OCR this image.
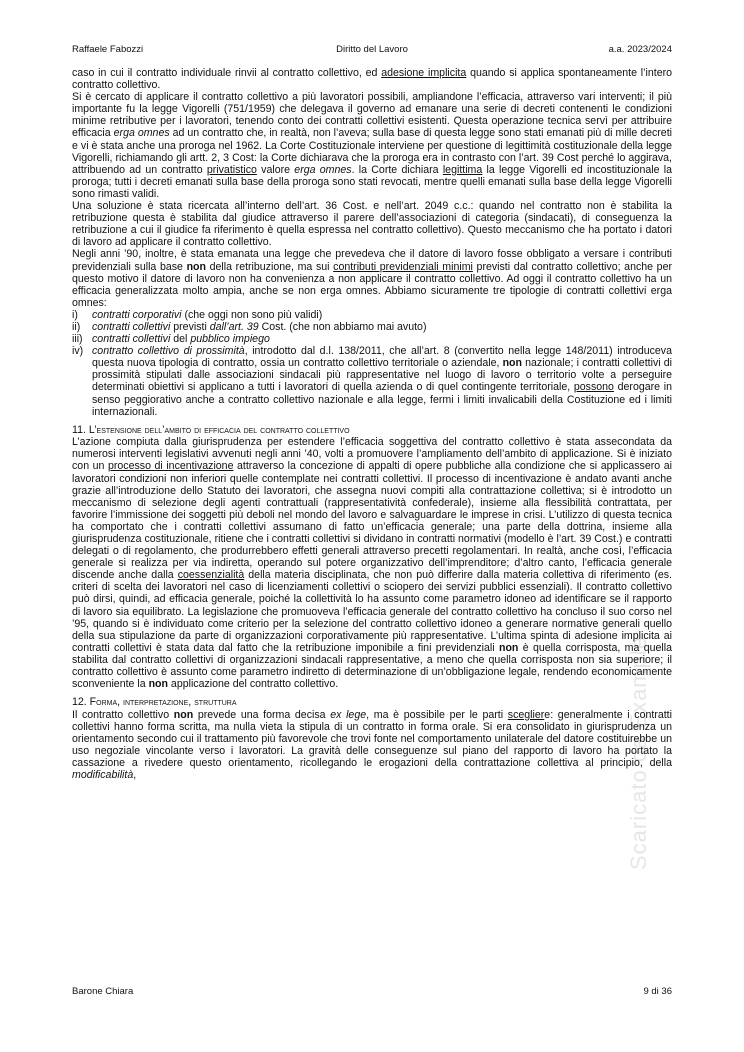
Raffaele Fabozzi	Diritto del Lavoro	a.a. 2023/2024
Scaricato da Example

caso in cui il contratto individuale rinvii al contratto collettivo, ed adesione implicita quando si applica spontaneamente l’intero contratto collettivo.

Si è cercato di applicare il contratto collettivo a più lavoratori possibili, ampliandone l’efficacia, attraverso vari interventi; il più importante fu la legge Vigorelli (751/1959) che delegava il governo ad emanare una serie di decreti contenenti le condizioni minime retributive per i lavoratori, tenendo conto dei contratti collettivi esistenti. Questa operazione tecnica servì per attribuire efficacia erga omnes ad un contratto che, in realtà, non l’aveva; sulla base di questa legge sono stati emanati più di mille decreti e vi è stata anche una proroga nel 1962. La Corte Costituzionale interviene per questione di legittimità costituzionale della legge Vigorelli, richiamando gli artt. 2, 3 Cost: la Corte dichiarava che la proroga era in contrasto con l’art. 39 Cost perché lo aggirava, attribuendo ad un contratto privatistico valore erga omnes. la Corte dichiara legittima la legge Vigorelli ed incostituzionale la proroga; tutti i decreti emanati sulla base della proroga sono stati revocati, mentre quelli emanati sulla base della legge Vigorelli sono rimasti validi.

Una soluzione è stata ricercata all’interno dell’art. 36 Cost. e nell’art. 2049 c.c.: quando nel contratto non è stabilita la retribuzione questa è stabilita dal giudice attraverso il parere dell’associazioni di categoria (sindacati), di conseguenza la retribuzione a cui il giudice fa riferimento è quella espressa nel contratto collettivo). Questo meccanismo che ha portato i datori di lavoro ad applicare il contratto collettivo.

Negli anni ’90, inoltre, è stata emanata una legge che prevedeva che il datore di lavoro fosse obbligato a versare i contributi previdenziali sulla base non della retribuzione, ma sui contributi previdenziali minimi previsti dal contratto collettivo; anche per questo motivo il datore di lavoro non ha convenienza a non applicare il contratto collettivo. Ad oggi il contratto collettivo ha un efficacia generalizzata molto ampia, anche se non erga omnes. Abbiamo sicuramente tre tipologie di contratti collettivi erga omnes:

i) contratti corporativi (che oggi non sono più validi)
ii) contratti collettivi previsti dall’art. 39 Cost. (che non abbiamo mai avuto)
iii) contratti collettivi del pubblico impiego
iv) contratto collettivo di prossimità, introdotto dal d.l. 138/2011, che all’art. 8 (convertito nella legge 148/2011) introduceva questa nuova tipologia di contratto, ossia un contratto collettivo territoriale o aziendale, non nazionale; i contratti collettivi di prossimità stipulati dalle associazioni sindacali più rappresentative nel luogo di lavoro o territorio volte a perseguire determinati obiettivi si applicano a tutti i lavoratori di quella azienda o di quel contingente territoriale, possono derogare in senso peggiorativo anche a contratto collettivo nazionale e alla legge, fermi i limiti invalicabili della Costituzione ed i limiti internazionali.
11. L’estensione dell’ambito di efficacia del contratto collettivo

L’azione compiuta dalla giurisprudenza per estendere l’efficacia soggettiva del contratto collettivo è stata assecondata da numerosi interventi legislativi avvenuti negli anni ’40, volti a promuovere l’ampliamento dell’ambito di applicazione. Si è iniziato con un processo di incentivazione attraverso la concezione di appalti di opere pubbliche alla condizione che si applicassero ai lavoratori condizioni non inferiori quelle contemplate nei contratti collettivi. Il processo di incentivazione è andato avanti anche grazie all’introduzione dello Statuto dei lavoratori, che assegna nuovi compiti alla contrattazione collettiva; si è introdotto un meccanismo di selezione degli agenti contrattuali (rappresentatività confederale), insieme alla flessibilità contrattata, per favorire l’immissione dei soggetti più deboli nel mondo del lavoro e salvaguardare le imprese in crisi. L’utilizzo di questa tecnica ha comportato che i contratti collettivi assumano di fatto un’efficacia generale; una parte della dottrina, insieme alla giurisprudenza costituzionale, ritiene che i contratti collettivi si dividano in contratti normativi (modello è l’art. 39 Cost.) e contratti delegati o di regolamento, che produrrebbero effetti generali attraverso precetti regolamentari. In realtà, anche così, l’efficacia generale si realizza per via indiretta, operando sul potere organizzativo dell’imprenditore; d’altro canto, l’efficacia generale discende anche dalla coessenzialità della materia disciplinata, che non può differire dalla materia collettiva di riferimento (es. criteri di scelta dei lavoratori nel caso di licenziamenti collettivi o sciopero dei servizi pubblici essenziali). Il contratto collettivo può dirsi, quindi, ad efficacia generale, poiché la collettività lo ha assunto come parametro idoneo ad identificare se il rapporto di lavoro sia equilibrato. La legislazione che promuoveva l’efficacia generale del contratto collettivo ha concluso il suo corso nel ’95, quando si è individuato come criterio per la selezione del contratto collettivo idoneo a generare normative generali quello della sua stipulazione da parte di organizzazioni corporativamente più rappresentative. L’ultima spinta di adesione implicita ai contratti collettivi è stata data dal fatto che la retribuzione imponibile a fini previdenziali non è quella corrisposta, ma quella stabilita dal contratto collettivi di organizzazioni sindacali rappresentative, a meno che quella corrisposta non sia superiore; il contratto collettivo è assunto come parametro indiretto di determinazione di un’obbligazione legale, rendendo economicamente sconveniente la non applicazione del contratto collettivo.

12. Forma, interpretazione, struttura

Il contratto collettivo non prevede una forma decisa ex lege, ma è possibile per le parti scegliere: generalmente i contratti collettivi hanno forma scritta, ma nulla vieta la stipula di un contratto in forma orale. Si era consolidato in giurisprudenza un orientamento secondo cui il trattamento più favorevole che trovi fonte nel comportamento unilaterale del datore costituirebbe un uso negoziale vincolante verso i lavoratori. La gravità delle conseguenze sul piano del rapporto di lavoro ha portato la cassazione a rivedere questo orientamento, ricollegando le erogazioni della contrattazione collettiva al principio, della modificabilità,

Barone Chiara	9 di 36
